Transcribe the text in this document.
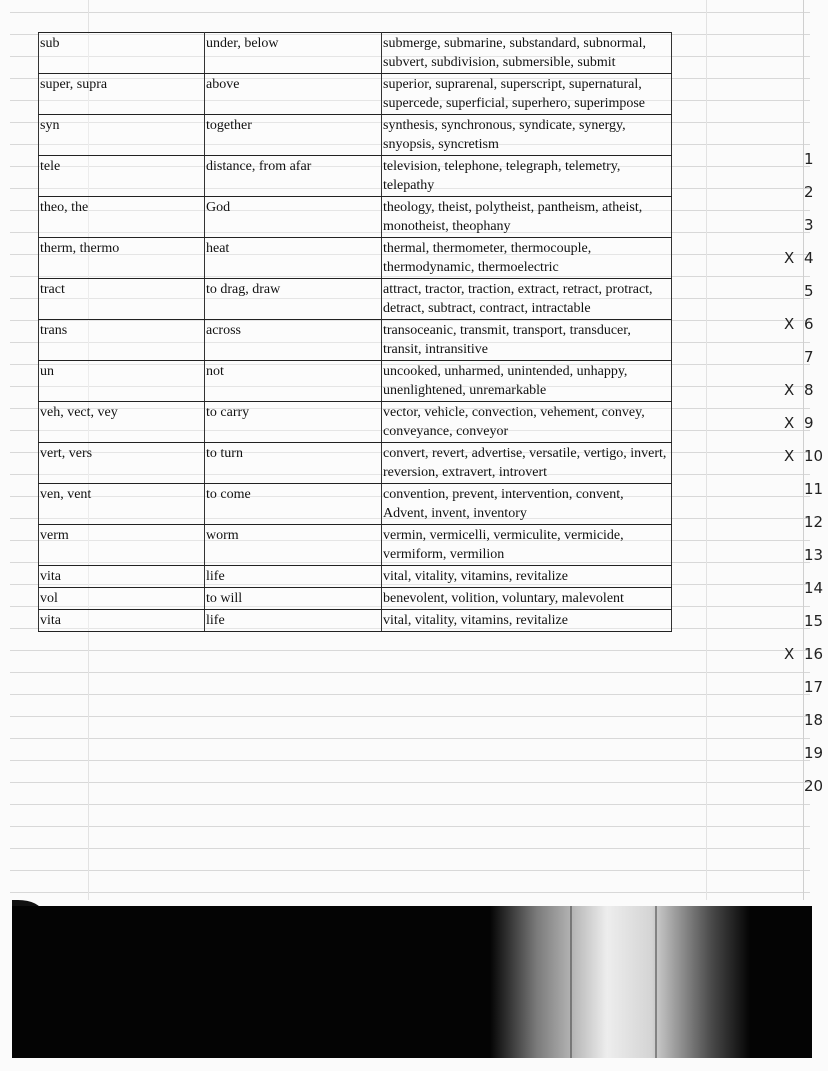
sub	under, below	submerge, submarine, substandard, subnormal, subvert, subdivision, submersible, submit
super, supra	above	superior, suprarenal, superscript, supernatural, supercede, superficial, superhero, superimpose
syn	together	synthesis, synchronous, syndicate, synergy, snyopsis, syncretism
tele	distance, from afar	television, telephone, telegraph, telemetry, telepathy
theo, the	God	theology, theist, polytheist, pantheism, atheist, monotheist, theophany
therm, thermo	heat	thermal, thermometer, thermocouple, thermodynamic, thermoelectric
tract	to drag, draw	attract, tractor, traction, extract, retract, protract, detract, subtract, contract, intractable
trans	across	transoceanic, transmit, transport, transducer, transit, intransitive
un	not	uncooked, unharmed, unintended, unhappy, unenlightened, unremarkable
veh, vect, vey	to carry	vector, vehicle, convection, vehement, convey, conveyance, conveyor
vert, vers	to turn	convert, revert, advertise, versatile, vertigo, invert, reversion, extravert, introvert
ven, vent	to come	convention, prevent, intervention, convent, Advent, invent, inventory
verm	worm	vermin, vermicelli, vermiculite, vermicide, vermiform, vermilion
vita	life	vital, vitality, vitamins, revitalize
vol	to will	benevolent, volition, voluntary, malevolent
vita	life	vital, vitality, vitamins, revitalize
1
2
3
X 4
5
X 6
7
X 8
X 9
X 10
11
12
13
14
15
X 16
17
18
19
20
